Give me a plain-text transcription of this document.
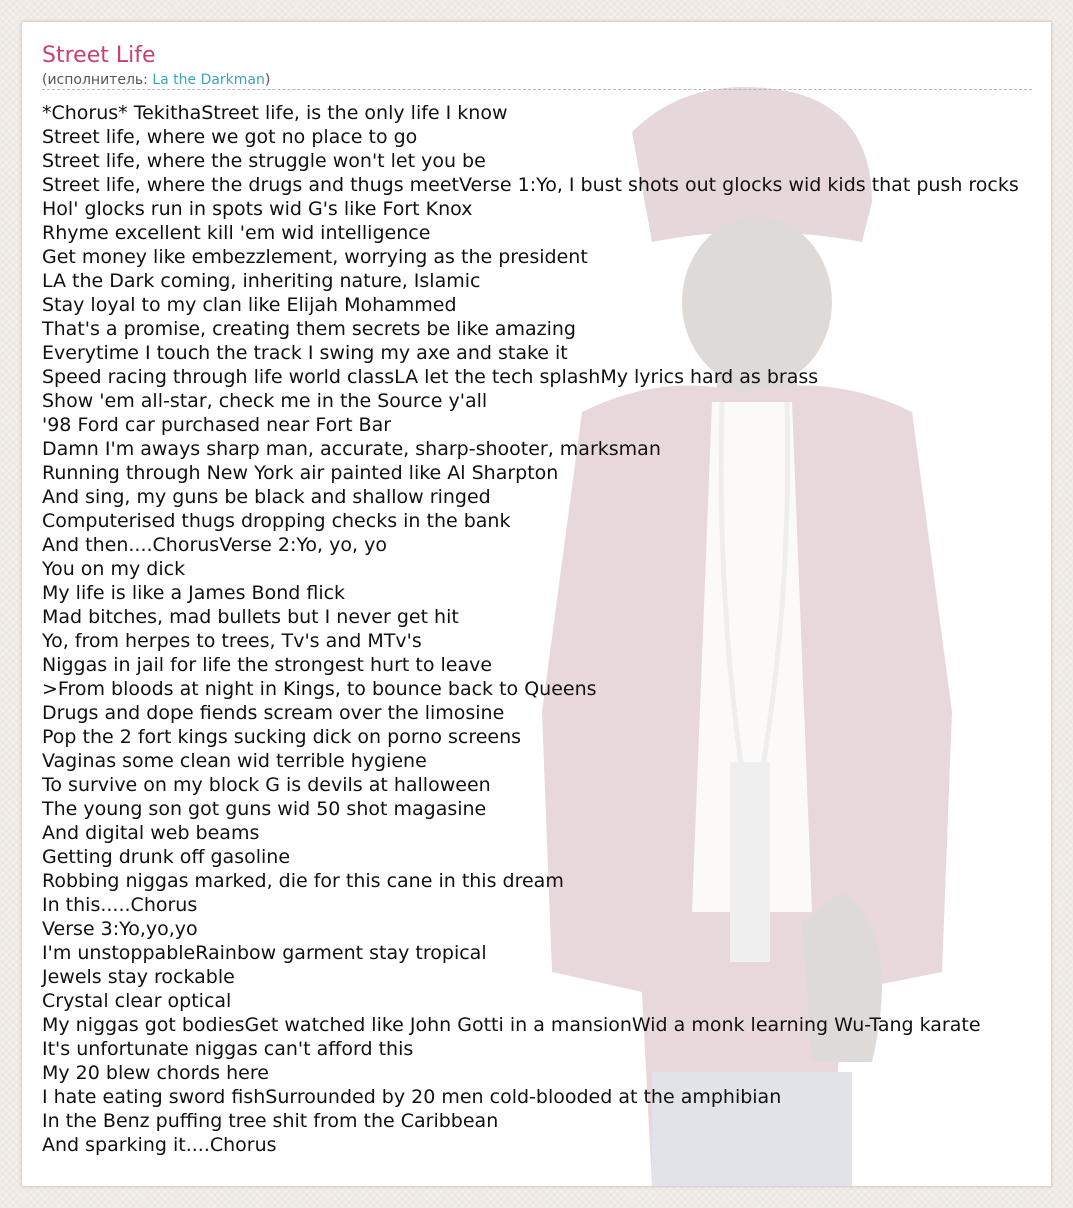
Street Life
(исполнитель: La the Darkman)
*Chorus* TekithaStreet life, is the only life I know
Street life, where we got no place to go
Street life, where the struggle won't let you be
Street life, where the drugs and thugs meetVerse 1:Yo, I bust shots out glocks wid kids that push rocks
Hol' glocks run in spots wid G's like Fort Knox
Rhyme excellent kill 'em wid intelligence
Get money like embezzlement, worrying as the president
LA the Dark coming, inheriting nature, Islamic
Stay loyal to my clan like Elijah Mohammed
That's a promise, creating them secrets be like amazing
Everytime I touch the track I swing my axe and stake it
Speed racing through life world classLA let the tech splashMy lyrics hard as brass
Show 'em all-star, check me in the Source y'all
'98 Ford car purchased near Fort Bar
Damn I'm aways sharp man, accurate, sharp-shooter, marksman
Running through New York air painted like Al Sharpton
And sing, my guns be black and shallow ringed
Computerised thugs dropping checks in the bank
And then....ChorusVerse 2:Yo, yo, yo
You on my dick
My life is like a James Bond flick
Mad bitches, mad bullets but I never get hit
Yo, from herpes to trees, Tv's and MTv's
Niggas in jail for life the strongest hurt to leave
>From bloods at night in Kings, to bounce back to Queens
Drugs and dope fiends scream over the limosine
Pop the 2 fort kings sucking dick on porno screens
Vaginas some clean wid terrible hygiene
To survive on my block G is devils at halloween
The young son got guns wid 50 shot magasine
And digital web beams
Getting drunk off gasoline
Robbing niggas marked, die for this cane in this dream
In this.....Chorus
Verse 3:Yo,yo,yo
I'm unstoppableRainbow garment stay tropical
Jewels stay rockable
Crystal clear optical
My niggas got bodiesGet watched like John Gotti in a mansionWid a monk learning Wu-Tang karate
It's unfortunate niggas can't afford this
My 20 blew chords here
I hate eating sword fishSurrounded by 20 men cold-blooded at the amphibian
In the Benz puffing tree shit from the Caribbean
And sparking it....Chorus
